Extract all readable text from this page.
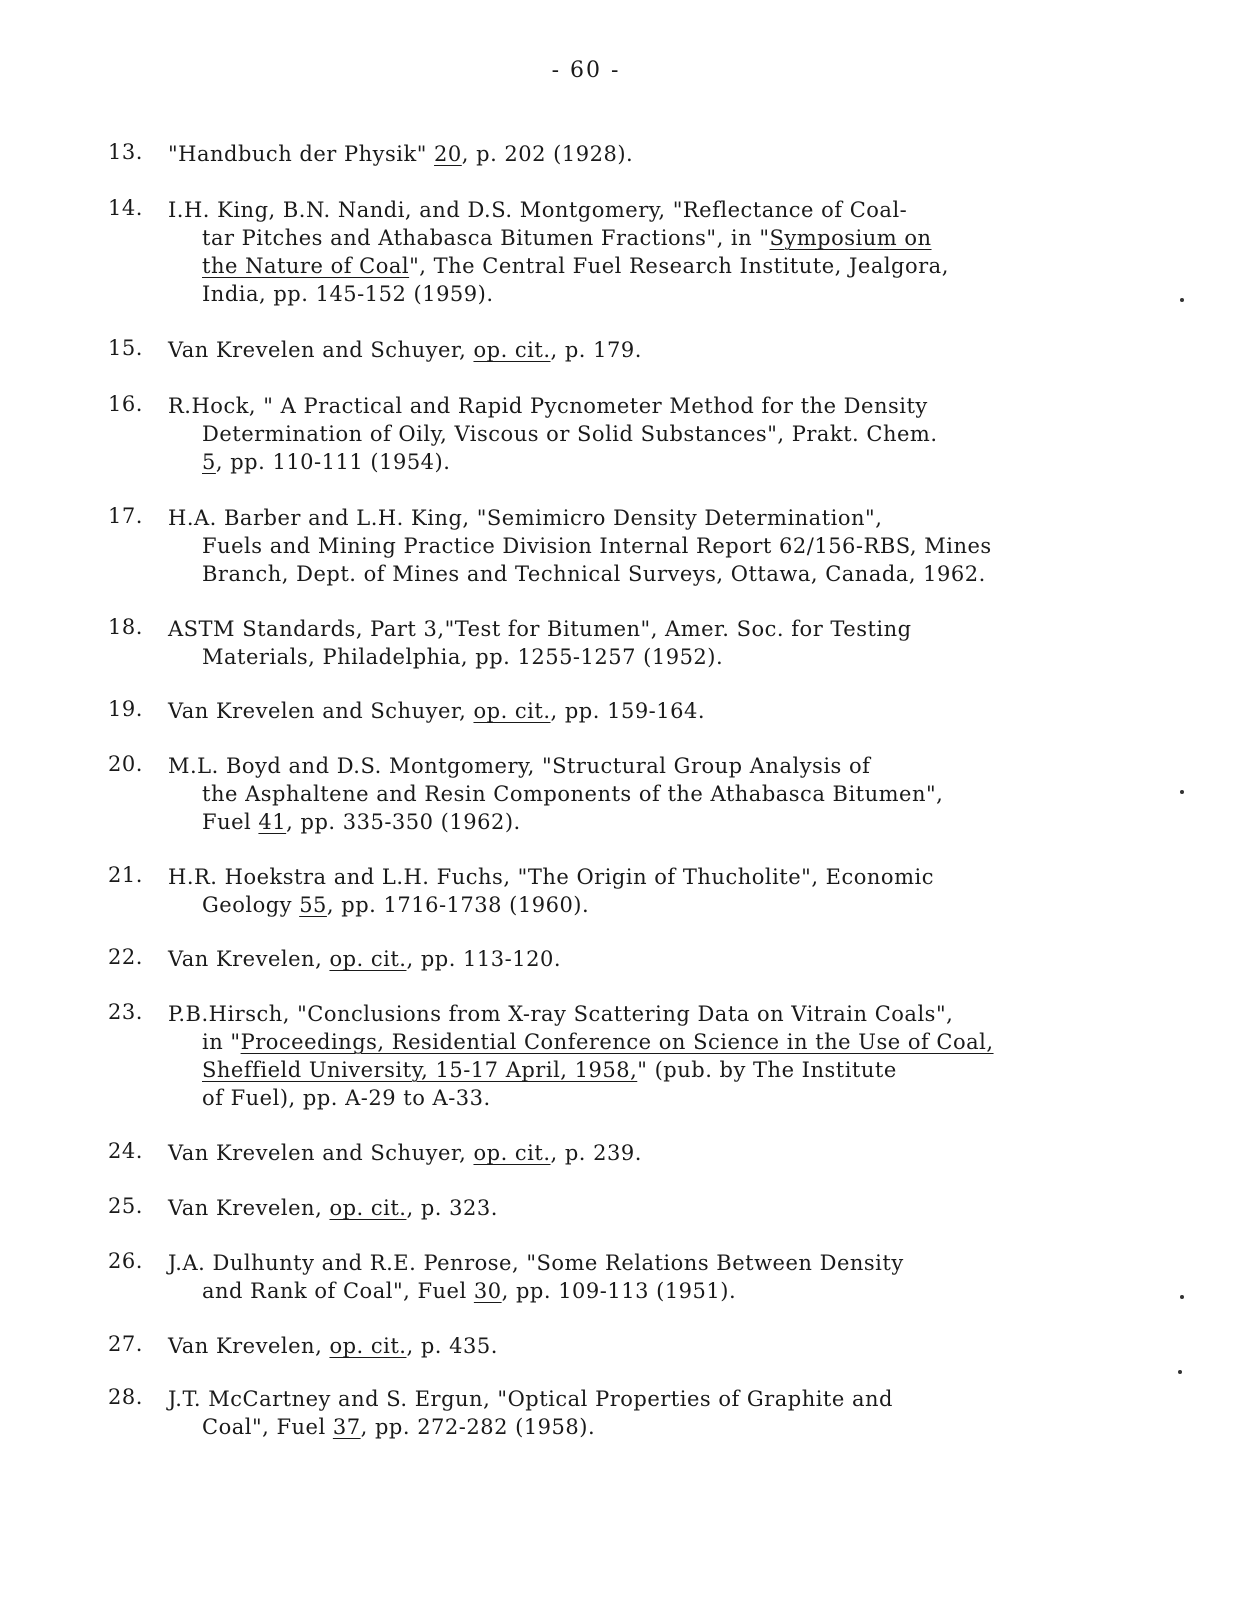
- 60 -
13.	"Handbuch der Physik" 20, p. 202 (1928).
14.	I.H. King, B.N. Nandi, and D.S. Montgomery, "Reflectance of Coal-
tar Pitches and Athabasca Bitumen Fractions", in "Symposium on
the Nature of Coal", The Central Fuel Research Institute, Jealgora,
India, pp. 145-152 (1959).
15.	Van Krevelen and Schuyer, op. cit., p. 179.
16.	R.Hock, " A Practical and Rapid Pycnometer Method for the Density
Determination of Oily, Viscous or Solid Substances", Prakt. Chem.
5, pp. 110-111 (1954).
17.	H.A. Barber and L.H. King, "Semimicro Density Determination",
Fuels and Mining Practice Division Internal Report 62/156-RBS, Mines
Branch, Dept. of Mines and Technical Surveys, Ottawa, Canada, 1962.
18.	ASTM Standards, Part 3,"Test for Bitumen", Amer. Soc. for Testing
Materials, Philadelphia, pp. 1255-1257 (1952).
19.	Van Krevelen and Schuyer, op. cit., pp. 159-164.
20.	M.L. Boyd and D.S. Montgomery, "Structural Group Analysis of
the Asphaltene and Resin Components of the Athabasca Bitumen",
Fuel 41, pp. 335-350 (1962).
21.	H.R. Hoekstra and L.H. Fuchs, "The Origin of Thucholite", Economic
Geology 55, pp. 1716-1738 (1960).
22.	Van Krevelen, op. cit., pp. 113-120.
23.	P.B.Hirsch, "Conclusions from X-ray Scattering Data on Vitrain Coals",
in "Proceedings, Residential Conference on Science in the Use of Coal,
Sheffield University, 15-17 April, 1958," (pub. by The Institute
of Fuel), pp. A-29 to A-33.
24.	Van Krevelen and Schuyer, op. cit., p. 239.
25.	Van Krevelen, op. cit., p. 323.
26.	J.A. Dulhunty and R.E. Penrose, "Some Relations Between Density
and Rank of Coal", Fuel 30, pp. 109-113 (1951).
27.	Van Krevelen, op. cit., p. 435.
28.	J.T. McCartney and S. Ergun, "Optical Properties of Graphite and
Coal", Fuel 37, pp. 272-282 (1958).
